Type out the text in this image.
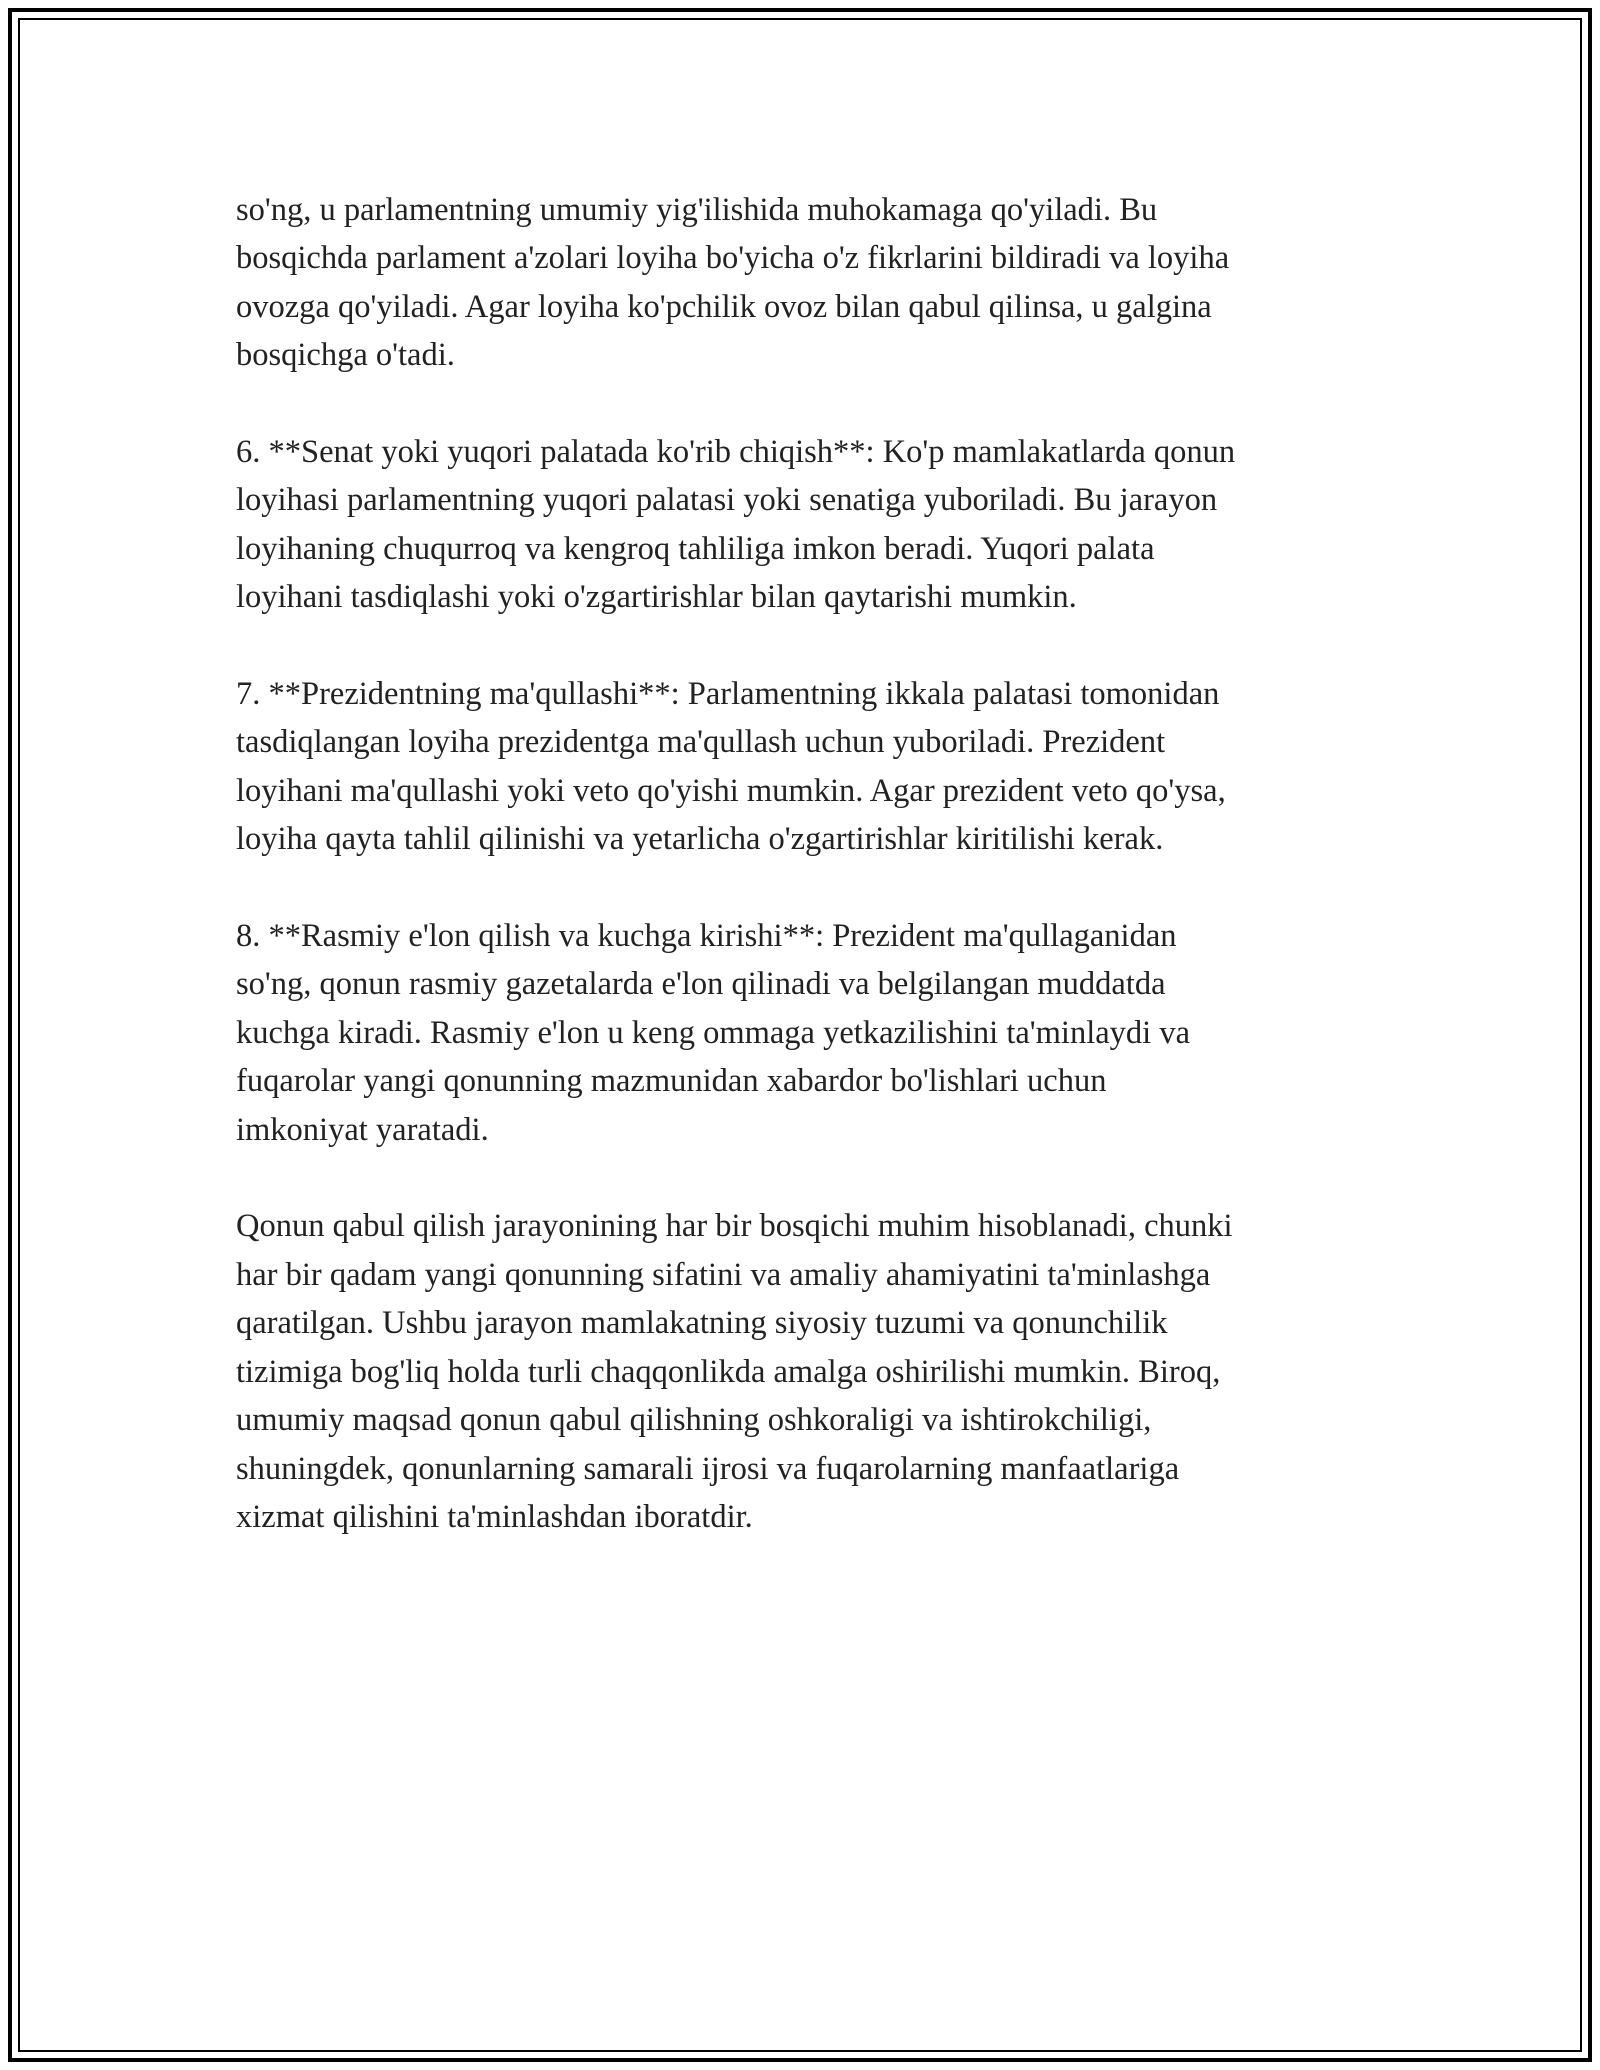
so'ng, u parlamentning umumiy yig'ilishida muhokamaga qo'yiladi. Bu
bosqichda parlament a'zolari loyiha bo'yicha o'z fikrlarini bildiradi va loyiha
ovozga qo'yiladi. Agar loyiha ko'pchilik ovoz bilan qabul qilinsa, u galgina
bosqichga o'tadi.

6. **Senat yoki yuqori palatada ko'rib chiqish**: Ko'p mamlakatlarda qonun
loyihasi parlamentning yuqori palatasi yoki senatiga yuboriladi. Bu jarayon
loyihaning chuqurroq va kengroq tahliliga imkon beradi. Yuqori palata
loyihani tasdiqlashi yoki o'zgartirishlar bilan qaytarishi mumkin.

7. **Prezidentning ma'qullashi**: Parlamentning ikkala palatasi tomonidan
tasdiqlangan loyiha prezidentga ma'qullash uchun yuboriladi. Prezident
loyihani ma'qullashi yoki veto qo'yishi mumkin. Agar prezident veto qo'ysa,
loyiha qayta tahlil qilinishi va yetarlicha o'zgartirishlar kiritilishi kerak.

8. **Rasmiy e'lon qilish va kuchga kirishi**: Prezident ma'qullaganidan
so'ng, qonun rasmiy gazetalarda e'lon qilinadi va belgilangan muddatda
kuchga kiradi. Rasmiy e'lon u keng ommaga yetkazilishini ta'minlaydi va
fuqarolar yangi qonunning mazmunidan xabardor bo'lishlari uchun
imkoniyat yaratadi.

Qonun qabul qilish jarayonining har bir bosqichi muhim hisoblanadi, chunki
har bir qadam yangi qonunning sifatini va amaliy ahamiyatini ta'minlashga
qaratilgan. Ushbu jarayon mamlakatning siyosiy tuzumi va qonunchilik
tizimiga bog'liq holda turli chaqqonlikda amalga oshirilishi mumkin. Biroq,
umumiy maqsad qonun qabul qilishning oshkoraligi va ishtirokchiligi,
shuningdek, qonunlarning samarali ijrosi va fuqarolarning manfaatlariga
xizmat qilishini ta'minlashdan iboratdir.
